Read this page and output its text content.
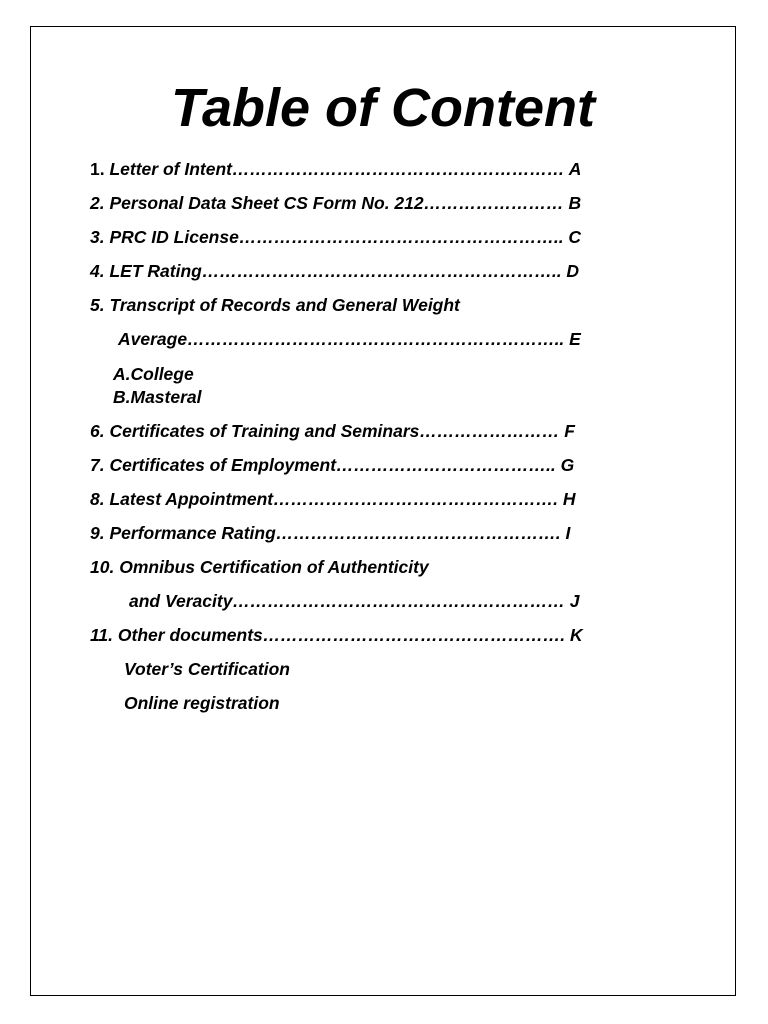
Table of Content
1. Letter of Intent………………………………………………… A
2. Personal Data Sheet CS Form No. 212…………………… B
3. PRC ID License……………………………………………….. C
4. LET Rating…………………………………………………….. D
5. Transcript of Records and General Weight
Average……………………………………………………….. E
A.College
B.Masteral
6. Certificates of Training and Seminars…………………… F
7. Certificates of Employment……………………………….. G
8. Latest Appointment…………………………………………. H
9. Performance Rating…………………………………………. I
10. Omnibus Certification of Authenticity
and Veracity………………………………………………… J
11. Other documents……………………………………………. K
Voter’s Certification
Online registration
